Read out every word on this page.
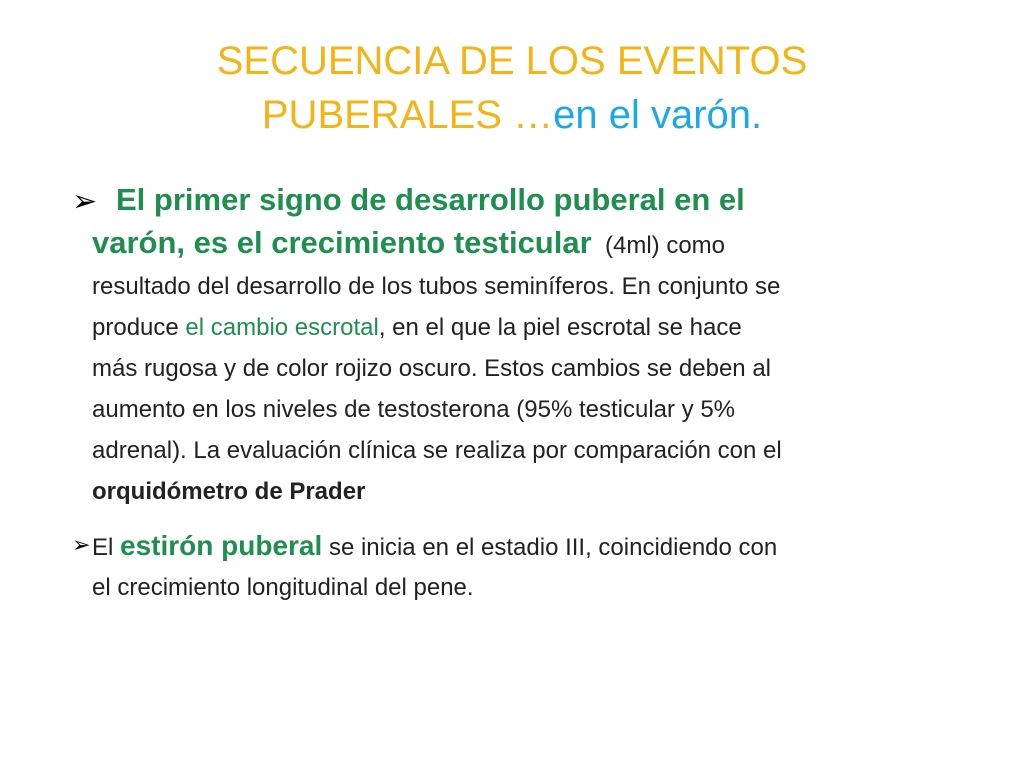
SECUENCIA DE LOS EVENTOS
PUBERALES …en el varón.
➢ El primer signo de desarrollo puberal en el
varón, es el crecimiento testicular  (4ml) como
resultado del desarrollo de los tubos seminíferos. En conjunto se
produce el cambio escrotal, en el que la piel escrotal se hace
más rugosa y de color rojizo oscuro. Estos cambios se deben al
aumento en los niveles de testosterona (95% testicular y 5%
adrenal). La evaluación clínica se realiza por comparación con el
orquidómetro de Prader
➢ El estirón puberal se inicia en el estadio III, coincidiendo con
el crecimiento longitudinal del pene.
